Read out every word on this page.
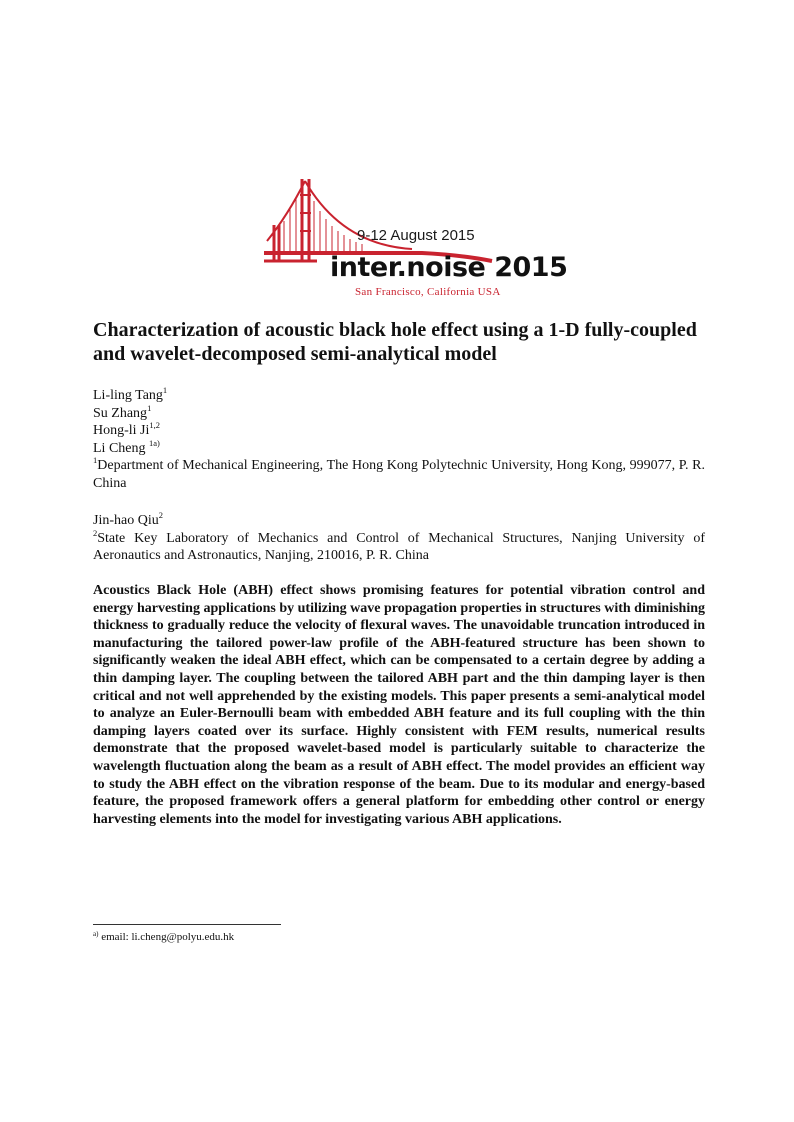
9-12 August 2015
inter.noise 2015
San Francisco, California USA
Characterization of acoustic black hole effect using a 1-D fully-coupled and wavelet-decomposed semi-analytical model
Li-ling Tang$^1$
Su Zhang$^1$
Hong-li Ji$^{1,2}$
Li Cheng $^{1a)}$
$^1$Department of Mechanical Engineering, The Hong Kong Polytechnic University, Hong Kong, 999077, P. R. China
Jin-hao Qiu$^2$
$^2$State Key Laboratory of Mechanics and Control of Mechanical Structures, Nanjing University of Aeronautics and Astronautics, Nanjing, 210016, P. R. China

Acoustics Black Hole (ABH) effect shows promising features for potential vibration control and energy harvesting applications by utilizing wave propagation properties in structures with diminishing thickness to gradually reduce the velocity of flexural waves. The unavoidable truncation introduced in manufacturing the tailored power-law profile of the ABH-featured structure has been shown to significantly weaken the ideal ABH effect, which can be compensated to a certain degree by adding a thin damping layer. The coupling between the tailored ABH part and the thin damping layer is then critical and not well apprehended by the existing models. This paper presents a semi-analytical model to analyze an Euler-Bernoulli beam with embedded ABH feature and its full coupling with the thin damping layers coated over its surface. Highly consistent with FEM results, numerical results demonstrate that the proposed wavelet-based model is particularly suitable to characterize the wavelength fluctuation along the beam as a result of ABH effect. The model provides an efficient way to study the ABH effect on the vibration response of the beam. Due to its modular and energy-based feature, the proposed framework offers a general platform for embedding other control or energy harvesting elements into the model for investigating various ABH applications.

$^{a)}$ email: li.cheng@polyu.edu.hk
